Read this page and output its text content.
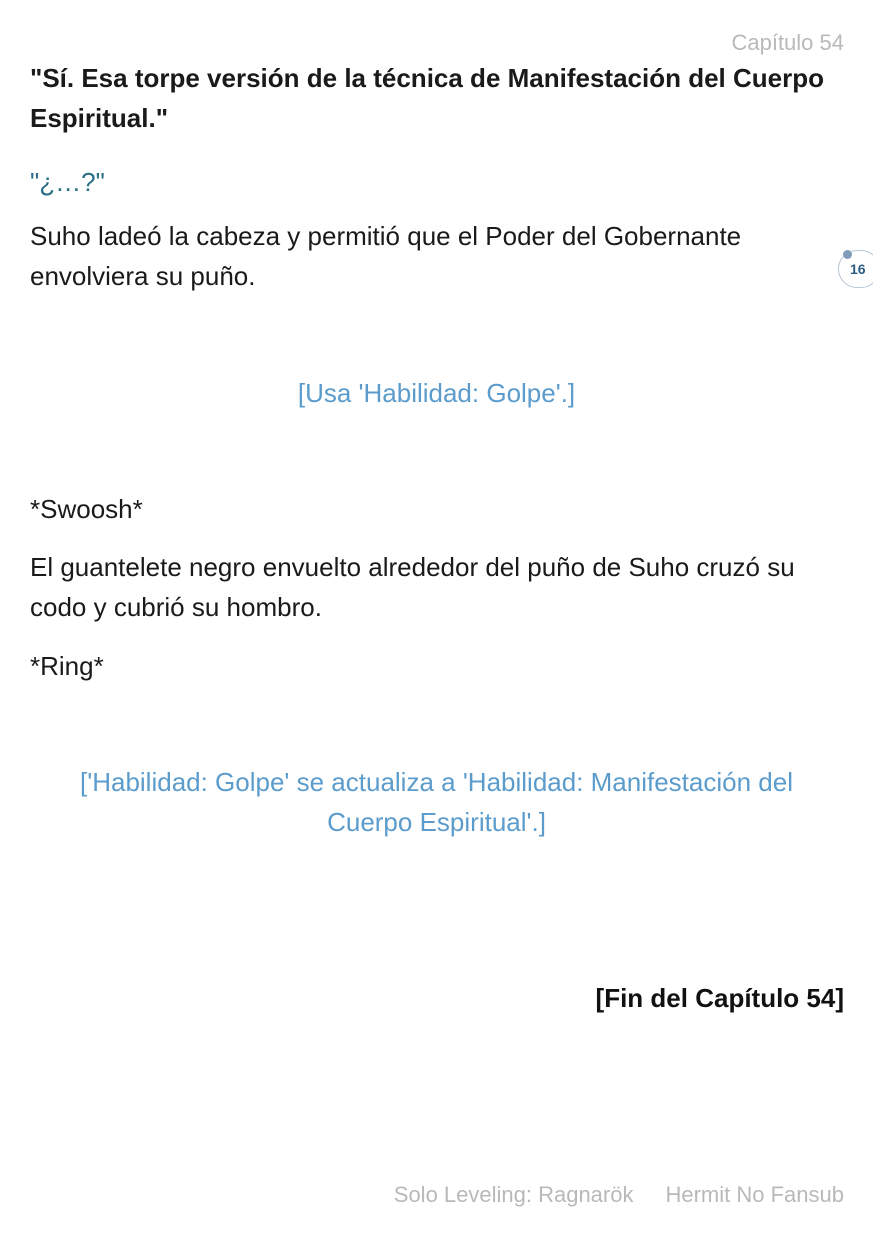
Capítulo 54

"Sí. Esa torpe versión de la técnica de Manifestación del Cuerpo Espiritual."

"¿…?"

Suho ladeó la cabeza y permitió que el Poder del Gobernante envolviera su puño.	16

[Usa 'Habilidad: Golpe'.]

*Swoosh*

El guantelete negro envuelto alrededor del puño de Suho cruzó su codo y cubrió su hombro.

*Ring*

['Habilidad: Golpe' se actualiza a 'Habilidad: Manifestación del Cuerpo Espiritual'.]

[Fin del Capítulo 54]
Solo Leveling: Ragnarök Hermit No Fansub
